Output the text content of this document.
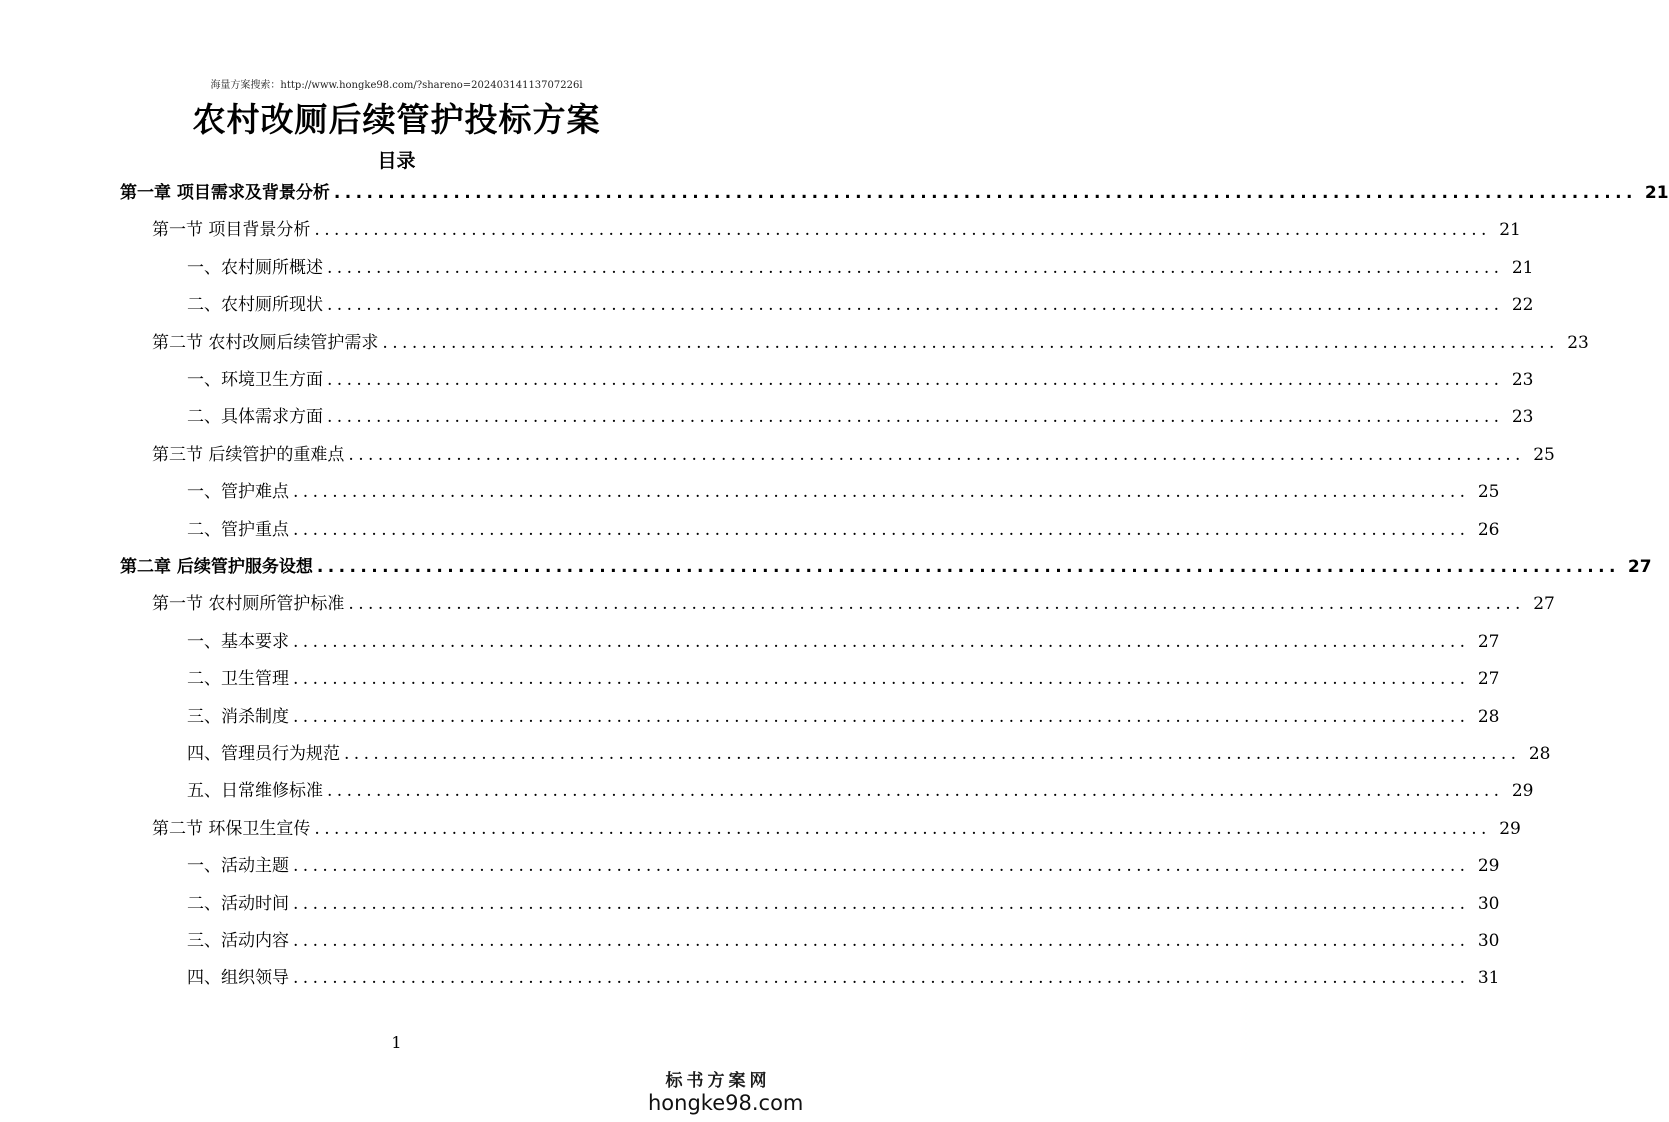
海量方案搜索：http://www.hongke98.com/?shareno=20240314113707226l
农村改厕后续管护投标方案
目录
第一章 项目需求及背景分析 ........................................................................................................................ 21
第一节 项目背景分析 ........................................................................................................................ 21
一、农村厕所概述 ........................................................................................................................ 21
二、农村厕所现状 ........................................................................................................................ 22
第二节 农村改厕后续管护需求 ........................................................................................................................ 23
一、环境卫生方面 ........................................................................................................................ 23
二、具体需求方面 ........................................................................................................................ 23
第三节 后续管护的重难点 ........................................................................................................................ 25
一、管护难点 ........................................................................................................................ 25
二、管护重点 ........................................................................................................................ 26
第二章 后续管护服务设想 ........................................................................................................................ 27
第一节 农村厕所管护标准 ........................................................................................................................ 27
一、基本要求 ........................................................................................................................ 27
二、卫生管理 ........................................................................................................................ 27
三、消杀制度 ........................................................................................................................ 28
四、管理员行为规范 ........................................................................................................................ 28
五、日常维修标准 ........................................................................................................................ 29
第二节 环保卫生宣传 ........................................................................................................................ 29
一、活动主题 ........................................................................................................................ 29
二、活动时间 ........................................................................................................................ 30
三、活动内容 ........................................................................................................................ 30
四、组织领导 ........................................................................................................................ 31
1
标书方案网
hongke98.com
